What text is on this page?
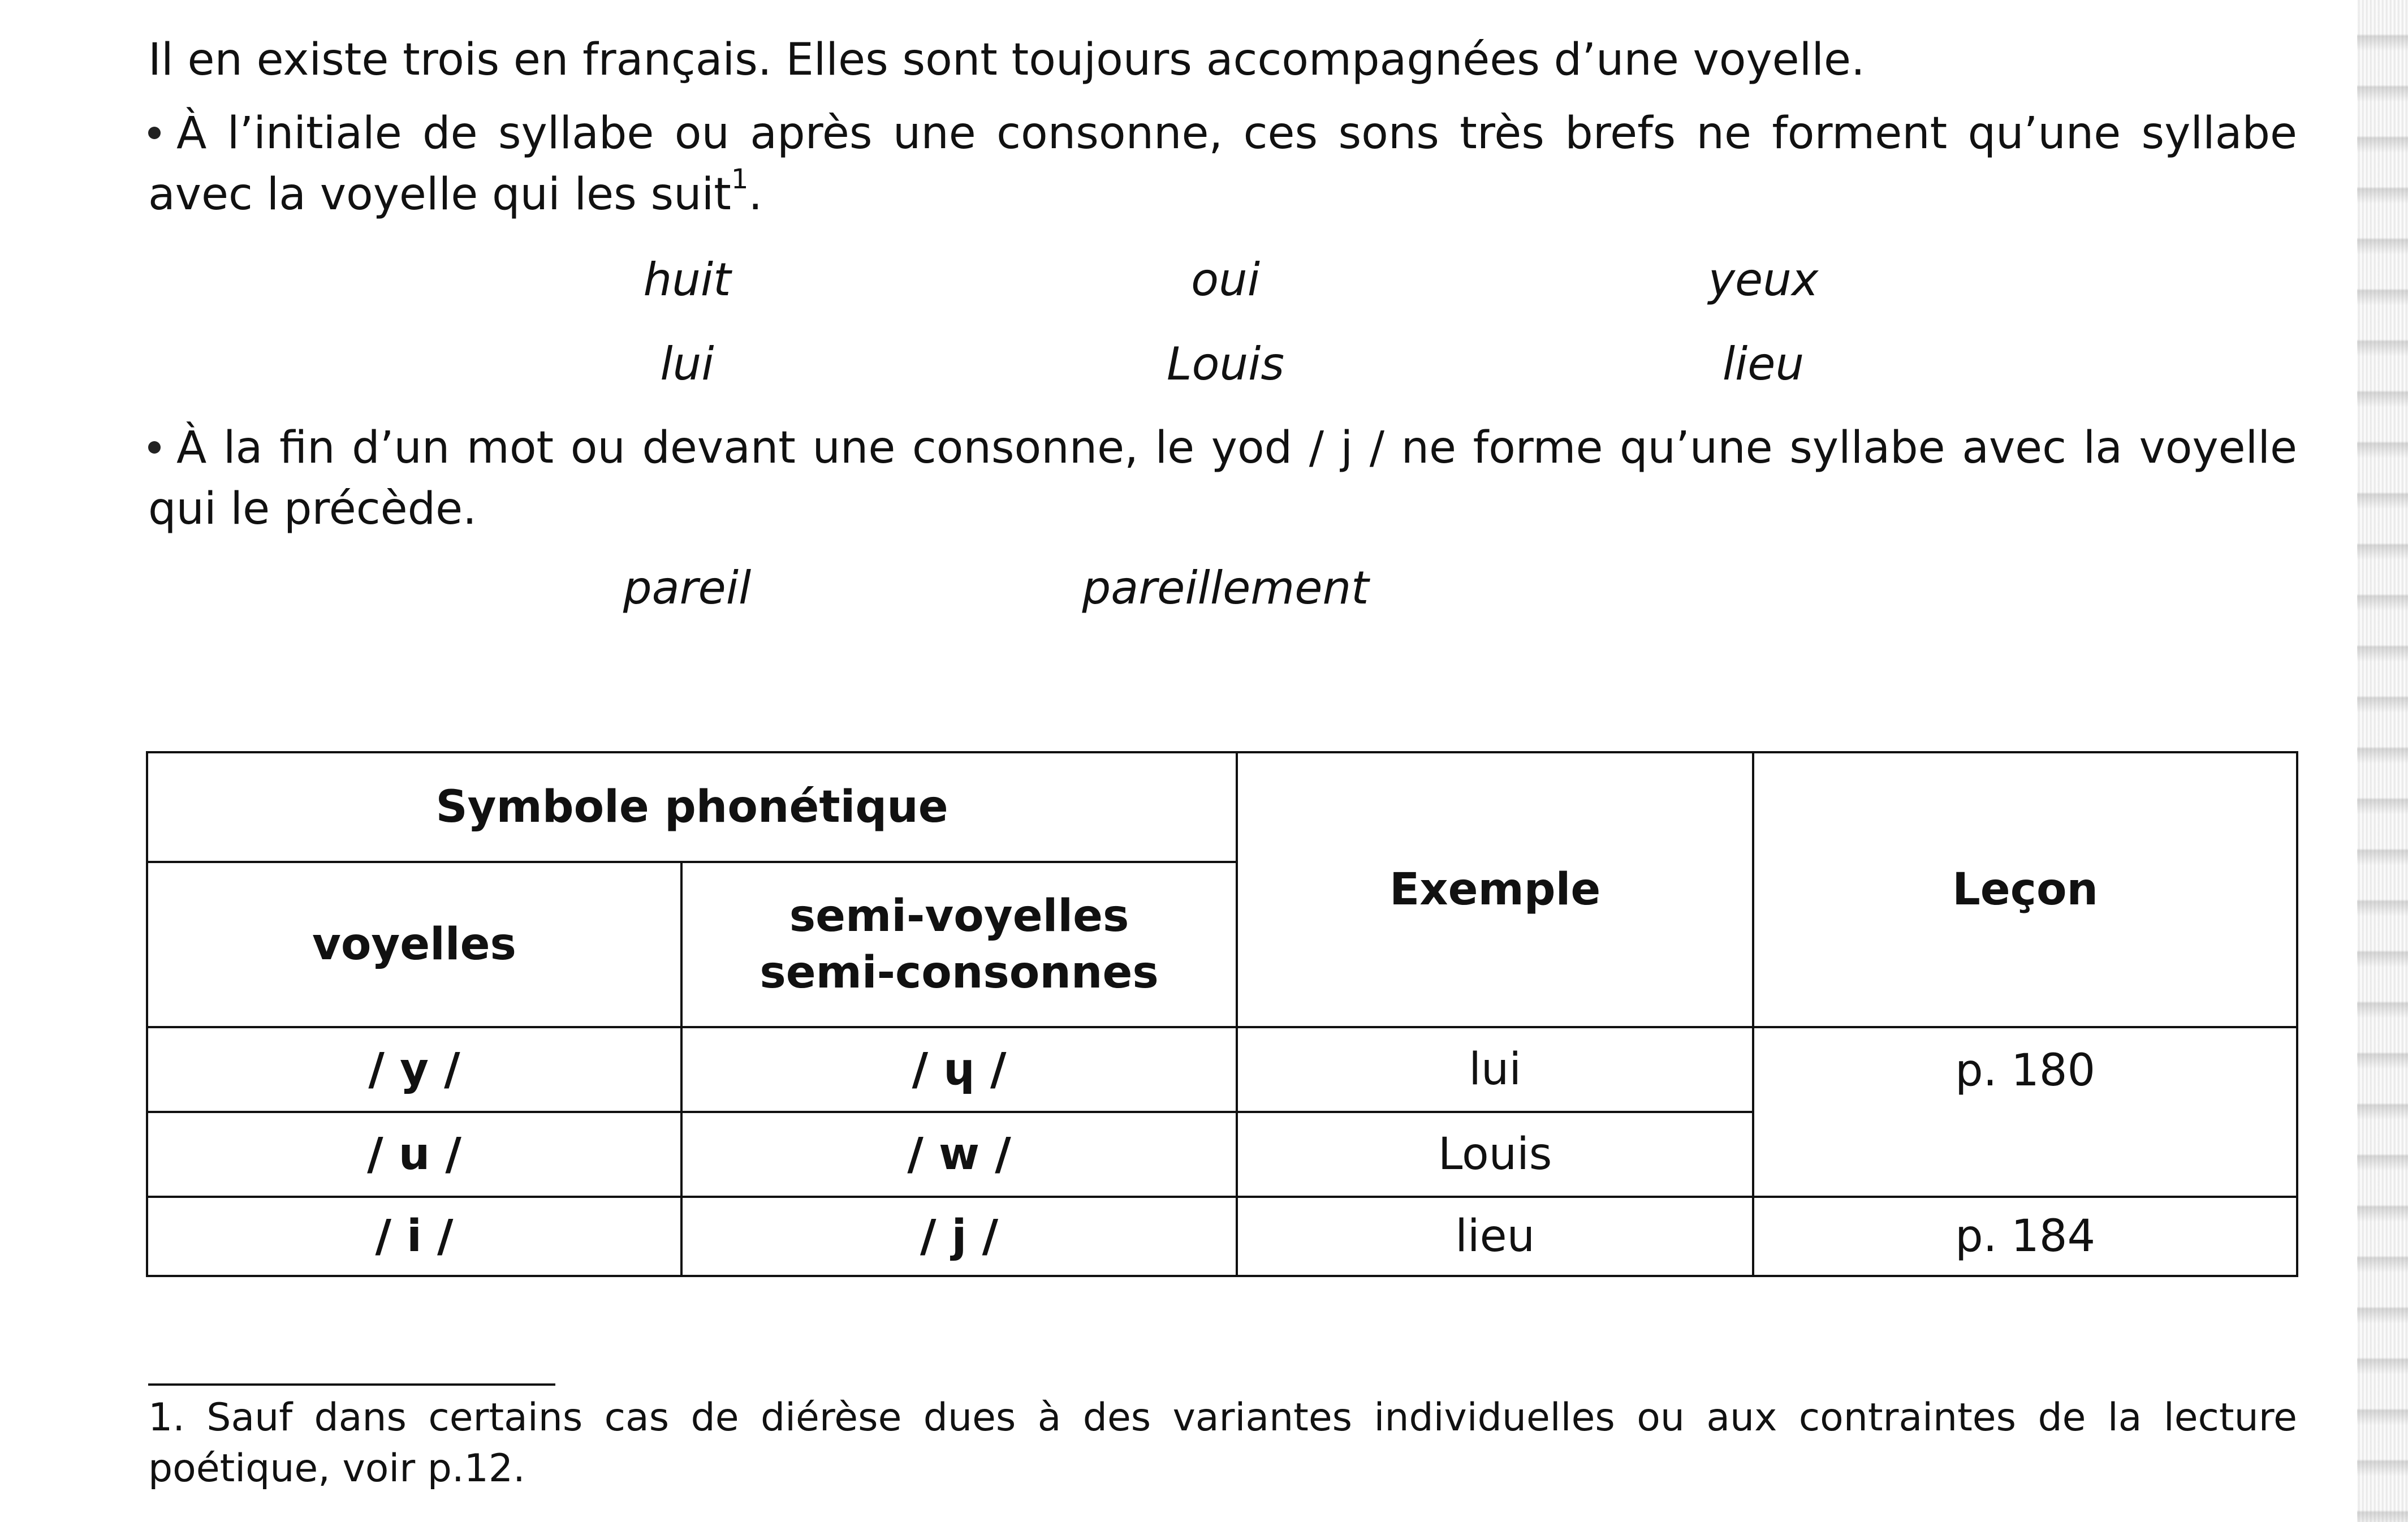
Il en existe trois en français. Elles sont toujours accompagnées d’une voyelle.

À l’initiale de syllabe ou après une consonne, ces sons très brefs ne forment qu’une syllabe avec la voyelle qui les suit$^1$.

huit	oui	yeux
lui	Louis	lieu

À la fin d’un mot ou devant une consonne, le yod / j / ne forme qu’une syllabe avec la voyelle qui le précède.

pareil	pareillement
Symbole phonétique		Exemple	Leçon
voyelles	semi-voyelles
semi-consonnes		

/ y /	/ ɥ /	lui	p. 180
/ u /	/ w /	Louis	
/ i /	/ j /	lieu	p. 184

1. Sauf dans certains cas de diérèse dues à des variantes individuelles ou aux contraintes de la lecture poétique, voir p.12.
